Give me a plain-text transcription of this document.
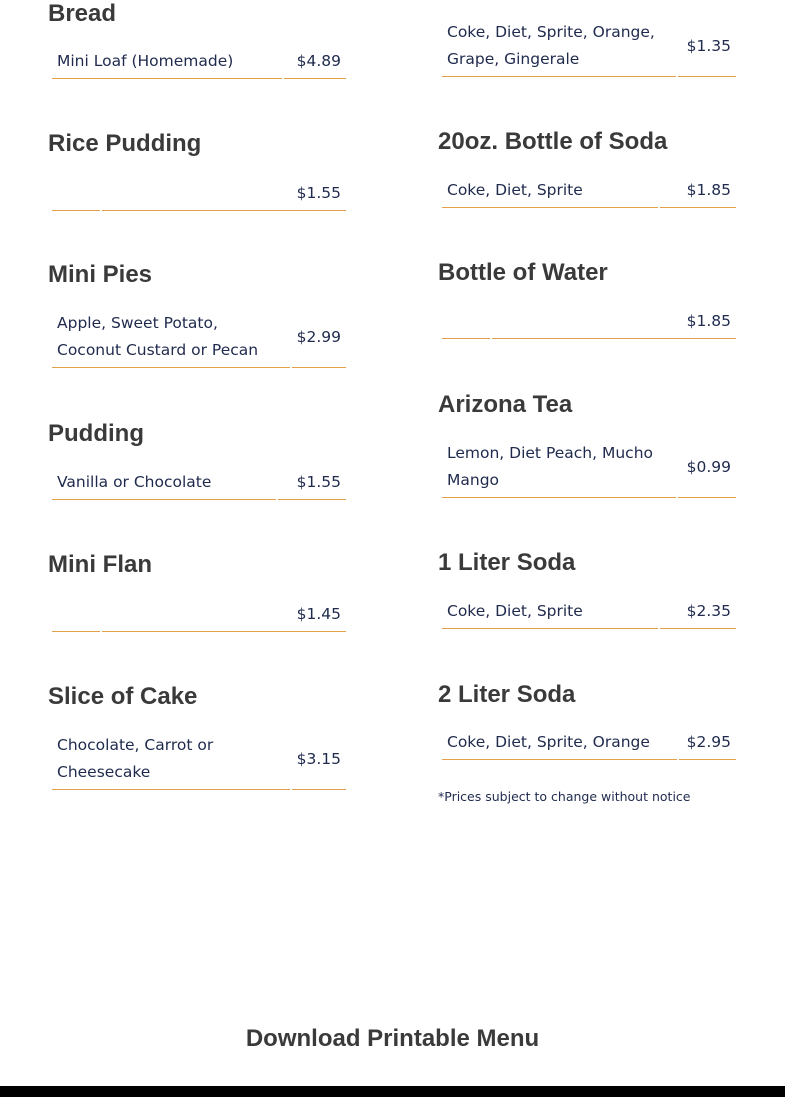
Bread
Mini Loaf (Homemade)	$4.89
Rice Pudding
	$1.55
Mini Pies
Apple, Sweet Potato, Coconut Custard or Pecan	$2.99
Pudding
Vanilla or Chocolate	$1.55
Mini Flan
	$1.45
Slice of Cake
Chocolate, Carrot or Cheesecake	$3.15
Coke, Diet, Sprite, Orange, Grape, Gingerale	$1.35
20oz. Bottle of Soda
Coke, Diet, Sprite	$1.85
Bottle of Water
	$1.85
Arizona Tea
Lemon, Diet Peach, Mucho Mango	$0.99
1 Liter Soda
Coke, Diet, Sprite	$2.35
2 Liter Soda
Coke, Diet, Sprite, Orange	$2.95
*Prices subject to change without notice
Download Printable Menu
